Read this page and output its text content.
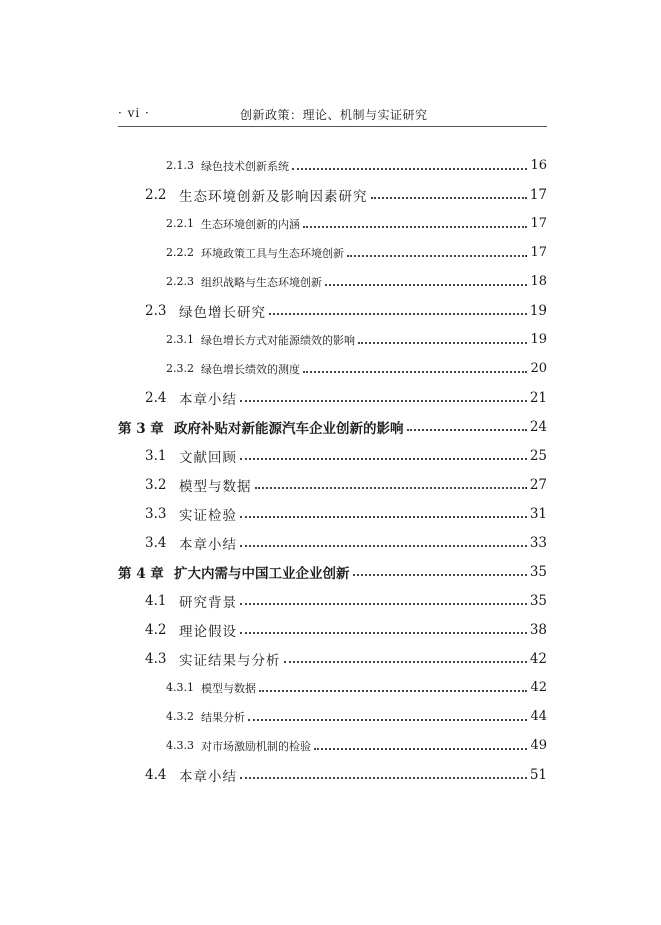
· vi ·	创新政策：理论、机制与实证研究
2.1.3 绿色技术创新系统	16
2.2 生态环境创新及影响因素研究	17
2.2.1 生态环境创新的内涵	17
2.2.2 环境政策工具与生态环境创新	17
2.2.3 组织战略与生态环境创新	18
2.3 绿色增长研究	19
2.3.1 绿色增长方式对能源绩效的影响	19
2.3.2 绿色增长绩效的测度	20
2.4 本章小结	21
第 3 章 政府补贴对新能源汽车企业创新的影响	24
3.1 文献回顾	25
3.2 模型与数据	27
3.3 实证检验	31
3.4 本章小结	33
第 4 章 扩大内需与中国工业企业创新	35
4.1 研究背景	35
4.2 理论假设	38
4.3 实证结果与分析	42
4.3.1 模型与数据	42
4.3.2 结果分析	44
4.3.3 对市场激励机制的检验	49
4.4 本章小结	51
